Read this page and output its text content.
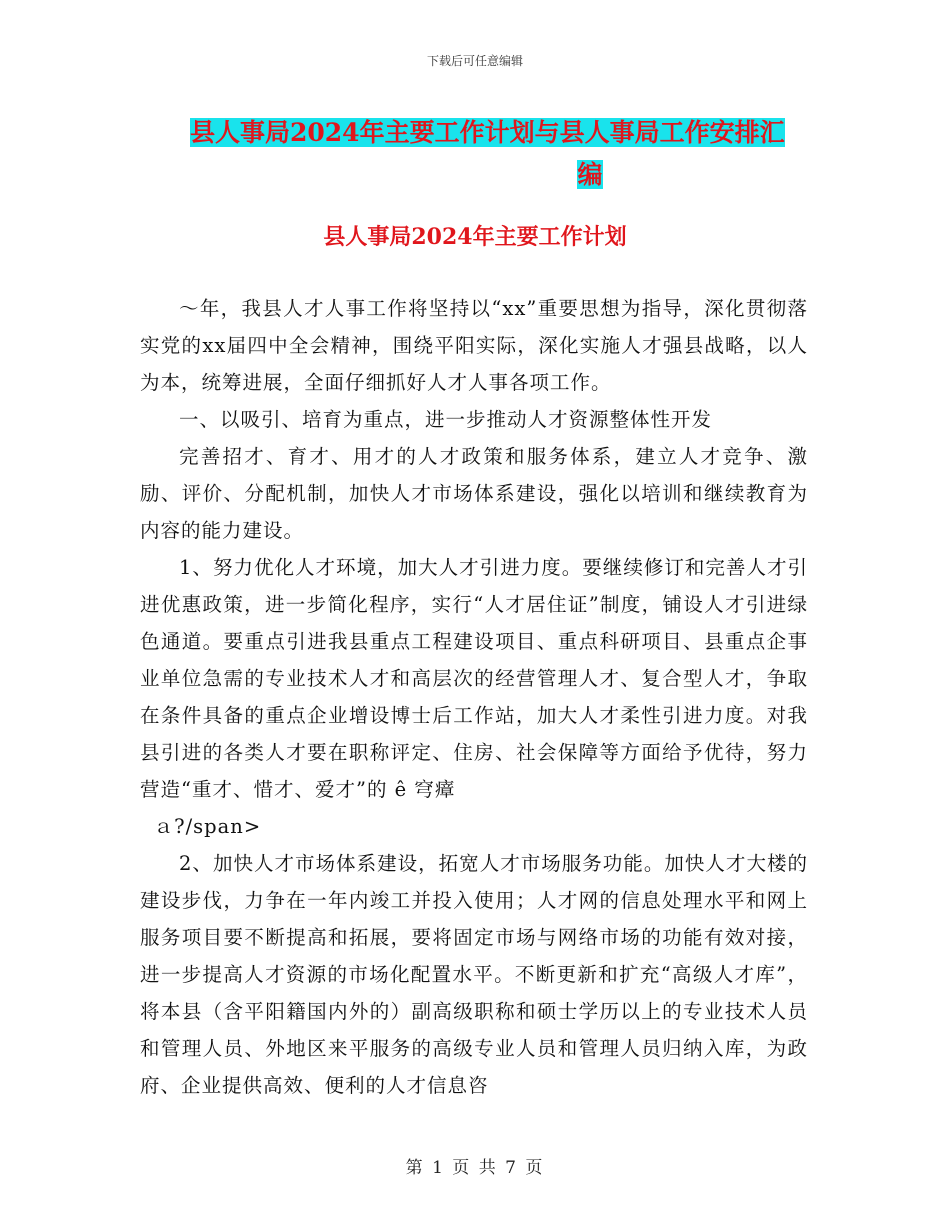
下载后可任意编辑
县人事局2024年主要工作计划与县人事局工作安排汇
编
县人事局2024年主要工作计划

～年，我县人才人事工作将坚持以“xx”重要思想为指导，深化贯彻落实党的xx届四中全会精神，围绕平阳实际，深化实施人才强县战略，以人为本，统筹进展，全面仔细抓好人才人事各项工作。

一、以吸引、培育为重点，进一步推动人才资源整体性开发

完善招才、育才、用才的人才政策和服务体系，建立人才竞争、激励、评价、分配机制，加快人才市场体系建设，强化以培训和继续教育为内容的能力建设。

1、努力优化人才环境，加大人才引进力度。要继续修订和完善人才引进优惠政策，进一步简化程序，实行“人才居住证”制度，铺设人才引进绿色通道。要重点引进我县重点工程建设项目、重点科研项目、县重点企事业单位急需的专业技术人才和高层次的经营管理人才、复合型人才，争取在条件具备的重点企业增设博士后工作站，加大人才柔性引进力度。对我县引进的各类人才要在职称评定、住房、社会保障等方面给予优待，努力营造“重才、惜才、爱才”的 ê 穹瘴

ａ?/span>

2、加快人才市场体系建设，拓宽人才市场服务功能。加快人才大楼的建设步伐，力争在一年内竣工并投入使用；人才网的信息处理水平和网上服务项目要不断提高和拓展，要将固定市场与网络市场的功能有效对接，进一步提高人才资源的市场化配置水平。不断更新和扩充“高级人才库”，将本县（含平阳籍国内外的）副高级职称和硕士学历以上的专业技术人员和管理人员、外地区来平服务的高级专业人员和管理人员归纳入库，为政府、企业提供高效、便利的人才信息咨

第 1 页 共 7 页
